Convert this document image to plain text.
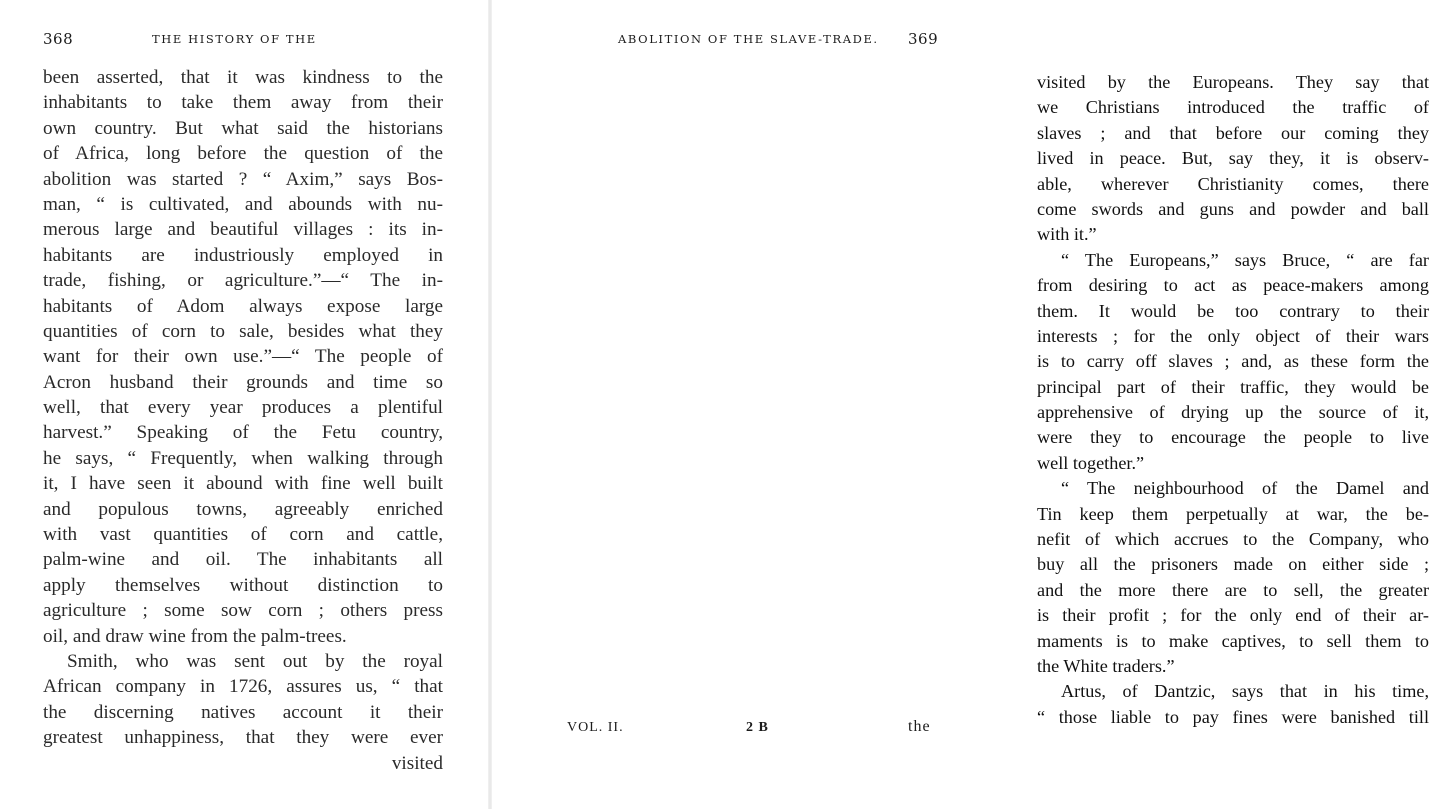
368	THE HISTORY OF THE
been asserted, that it was kindness to the
inhabitants to take them away from their
own country. But what said the historians
of Africa, long before the question of the
abolition was started ? “ Axim,” says Bos-
man, “ is cultivated, and abounds with nu-
merous large and beautiful villages : its in-
habitants are industriously employed in
trade, fishing, or agriculture.”—“ The in-
habitants of Adom always expose large
quantities of corn to sale, besides what they
want for their own use.”—“ The people of
Acron husband their grounds and time so
well, that every year produces a plentiful
harvest.” Speaking of the Fetu country,
he says, “ Frequently, when walking through
it, I have seen it abound with fine well built
and populous towns, agreeably enriched
with vast quantities of corn and cattle,
palm-wine and oil. The inhabitants all
apply themselves without distinction to
agriculture ; some sow corn ; others press
oil, and draw wine from the palm-trees.
Smith, who was sent out by the royal
African company in 1726, assures us, “ that
the discerning natives account it their
greatest unhappiness, that they were ever
visited
ABOLITION OF THE SLAVE-TRADE. 369
visited by the Europeans. They say that
we Christians introduced the traffic of
slaves ; and that before our coming they
lived in peace. But, say they, it is observ-
able, wherever Christianity comes, there
come swords and guns and powder and ball
with it.”
“ The Europeans,” says Bruce, “ are far
from desiring to act as peace-makers among
them. It would be too contrary to their
interests ; for the only object of their wars
is to carry off slaves ; and, as these form the
principal part of their traffic, they would be
apprehensive of drying up the source of it,
were they to encourage the people to live
well together.”
“ The neighbourhood of the Damel and
Tin keep them perpetually at war, the be-
nefit of which accrues to the Company, who
buy all the prisoners made on either side ;
and the more there are to sell, the greater
is their profit ; for the only end of their ar-
maments is to make captives, to sell them to
the White traders.”
Artus, of Dantzic, says that in his time,
“ those liable to pay fines were banished till
VOL. II.	2 B	the
